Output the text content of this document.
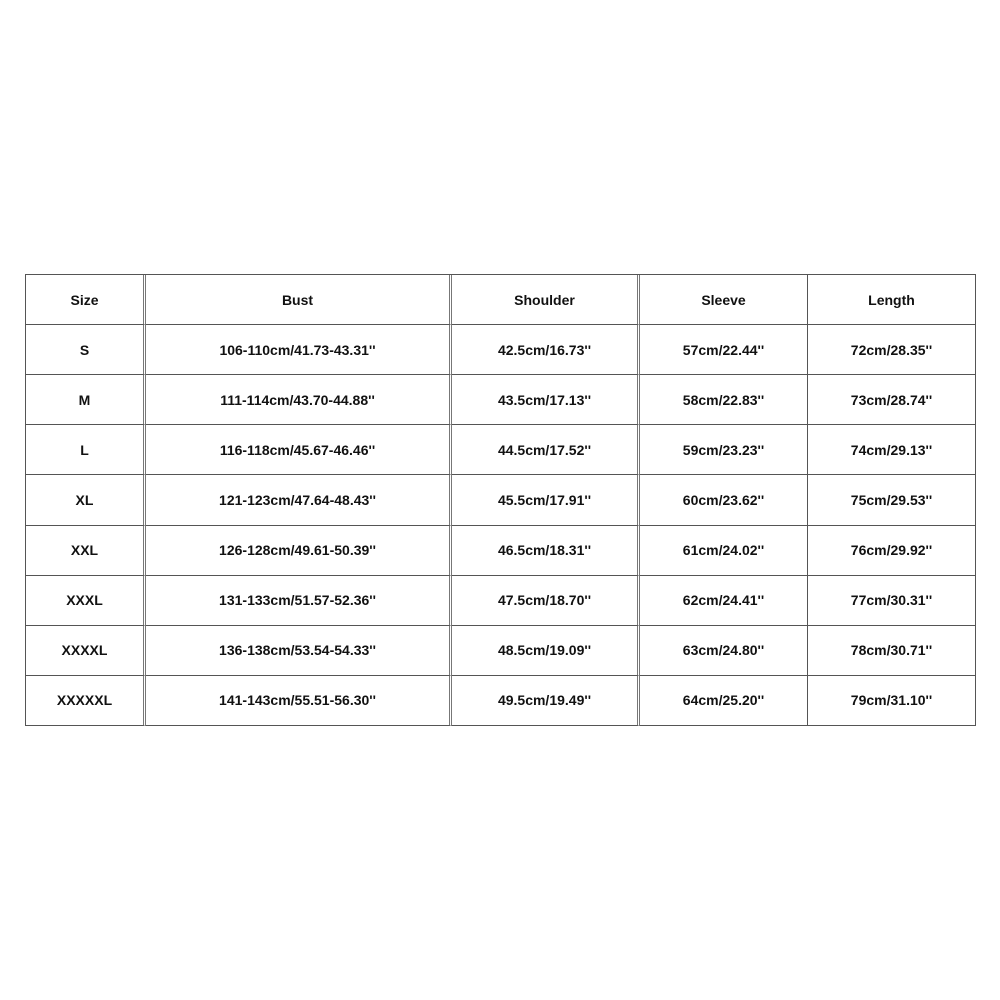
Size	Bust	Shoulder	Sleeve	Length
S	106-110cm/41.73-43.31''	42.5cm/16.73''	57cm/22.44''	72cm/28.35''
M	111-114cm/43.70-44.88''	43.5cm/17.13''	58cm/22.83''	73cm/28.74''
L	116-118cm/45.67-46.46''	44.5cm/17.52''	59cm/23.23''	74cm/29.13''
XL	121-123cm/47.64-48.43''	45.5cm/17.91''	60cm/23.62''	75cm/29.53''
XXL	126-128cm/49.61-50.39''	46.5cm/18.31''	61cm/24.02''	76cm/29.92''
XXXL	131-133cm/51.57-52.36''	47.5cm/18.70''	62cm/24.41''	77cm/30.31''
XXXXL	136-138cm/53.54-54.33''	48.5cm/19.09''	63cm/24.80''	78cm/30.71''
XXXXXL	141-143cm/55.51-56.30''	49.5cm/19.49''	64cm/25.20''	79cm/31.10''
